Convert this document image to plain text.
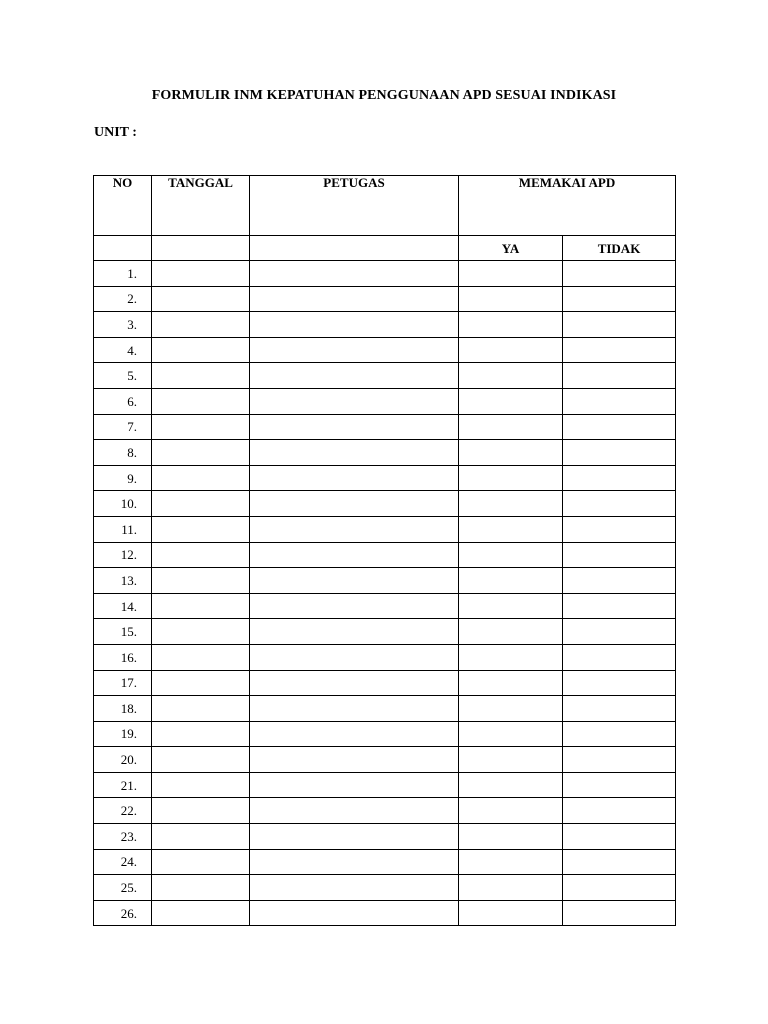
FORMULIR INM KEPATUHAN PENGGUNAAN APD SESUAI INDIKASI
UNIT :
NO	TANGGAL	PETUGAS	MEMAKAI APD	
			YA	TIDAK
1.				
2.				
3.				
4.				
5.				
6.				
7.				
8.				
9.				
10.				
11.				
12.				
13.				
14.				
15.				
16.				
17.				
18.				
19.				
20.				
21.				
22.				
23.				
24.				
25.				
26.				
